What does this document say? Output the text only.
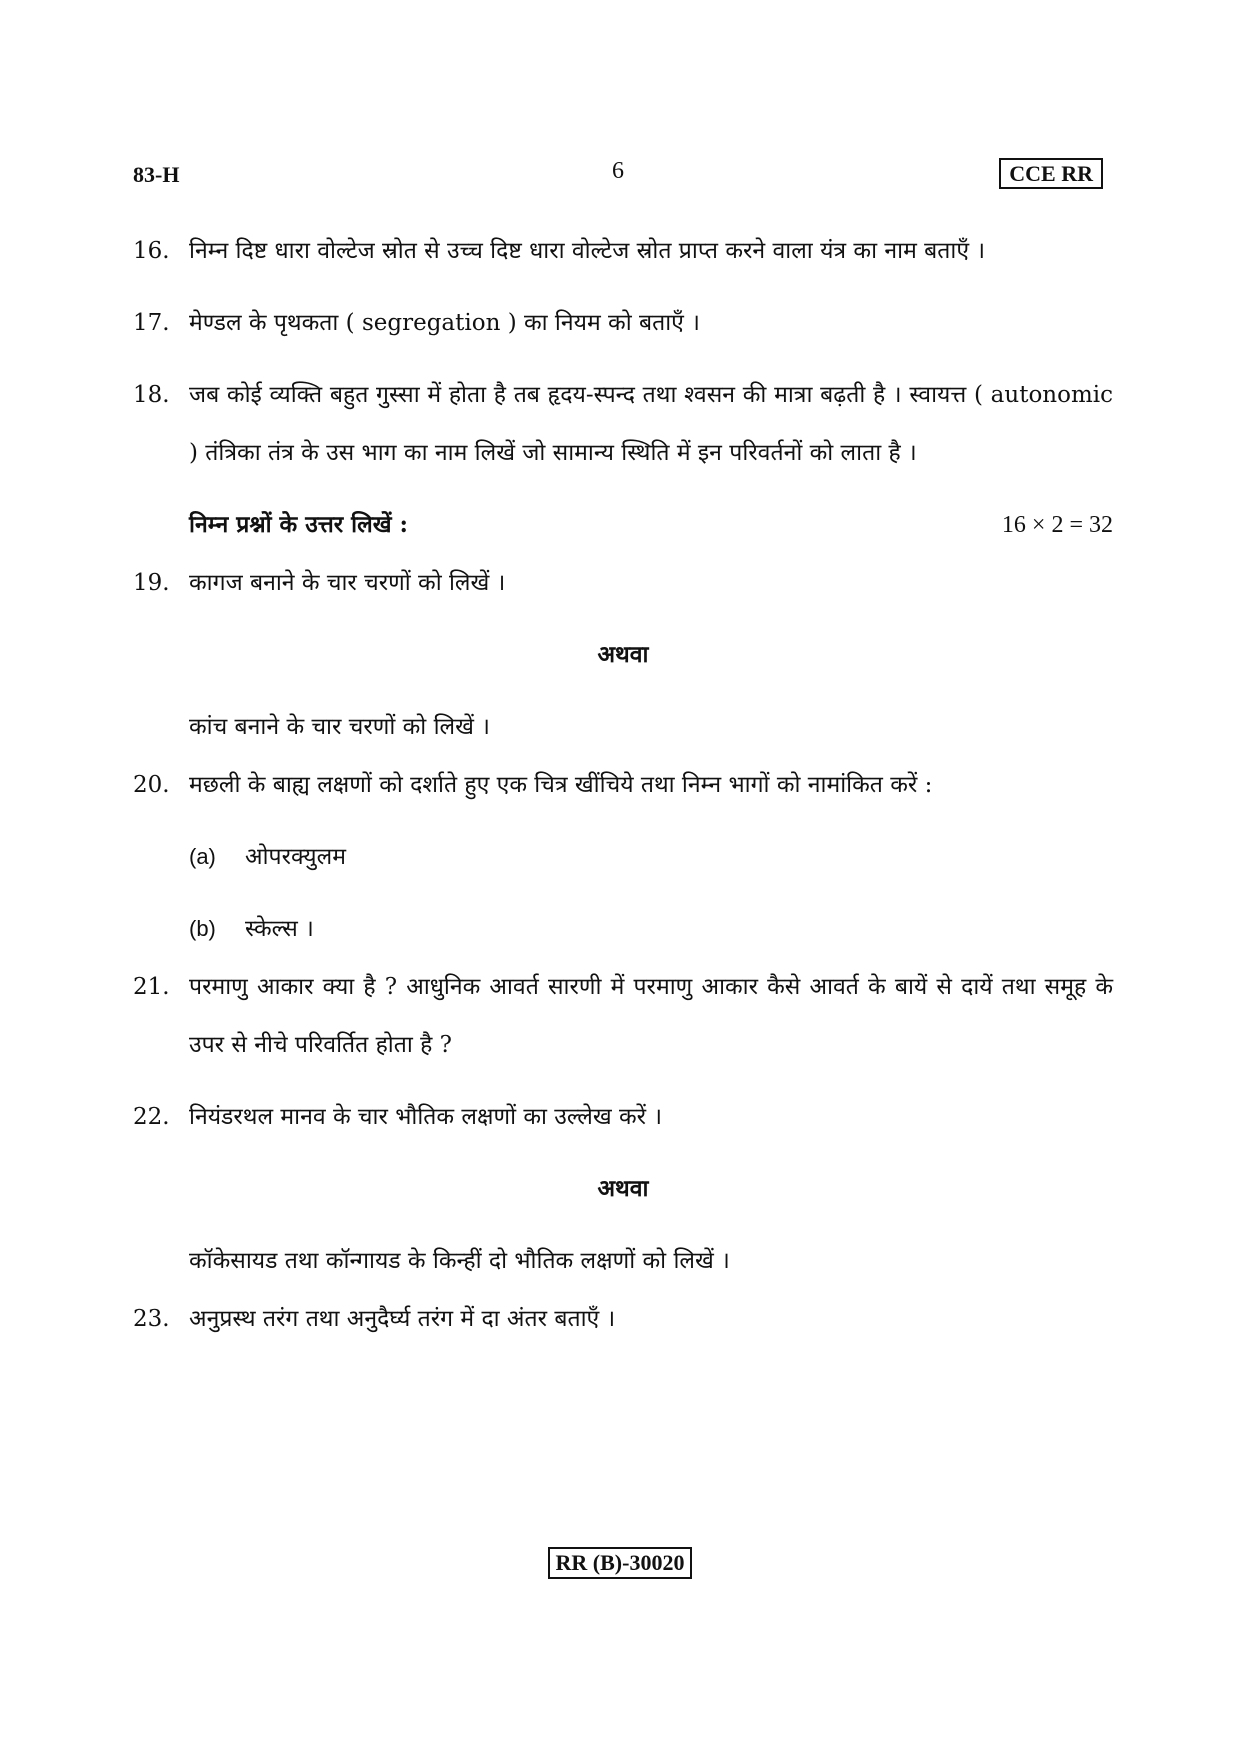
83-H	6	CCE RR
16. निम्न दिष्ट धारा वोल्टेज स्रोत से उच्च दिष्ट धारा वोल्टेज स्रोत प्राप्त करने वाला यंत्र का नाम बताएँ ।
17. मेण्डल के पृथकता ( segregation ) का नियम को बताएँ ।
18. जब कोई व्यक्ति बहुत गुस्सा में होता है तब हृदय-स्पन्द तथा श्वसन की मात्रा बढ़ती है । स्वायत्त ( autonomic ) तंत्रिका तंत्र के उस भाग का नाम लिखें जो सामान्य स्थिति में इन परिवर्तनों को लाता है ।
निम्न प्रश्नों के उत्तर लिखें :	16 × 2 = 32
19. कागज बनाने के चार चरणों को लिखें ।
अथवा
कांच बनाने के चार चरणों को लिखें ।
20. मछली के बाह्य लक्षणों को दर्शाते हुए एक चित्र खींचिये तथा निम्न भागों को नामांकित करें :
(a) ओपरक्युलम
(b) स्केल्स ।
21. परमाणु आकार क्या है ? आधुनिक आवर्त सारणी में परमाणु आकार कैसे आवर्त के बायें से दायें तथा समूह के उपर से नीचे परिवर्तित होता है ?
22. नियंडरथल मानव के चार भौतिक लक्षणों का उल्लेख करें ।
अथवा
कॉकेसायड तथा कॉन्गायड के किन्हीं दो भौतिक लक्षणों को लिखें ।
23. अनुप्रस्थ तरंग तथा अनुदैर्घ्य तरंग में दा अंतर बताएँ ।
RR (B)-30020
